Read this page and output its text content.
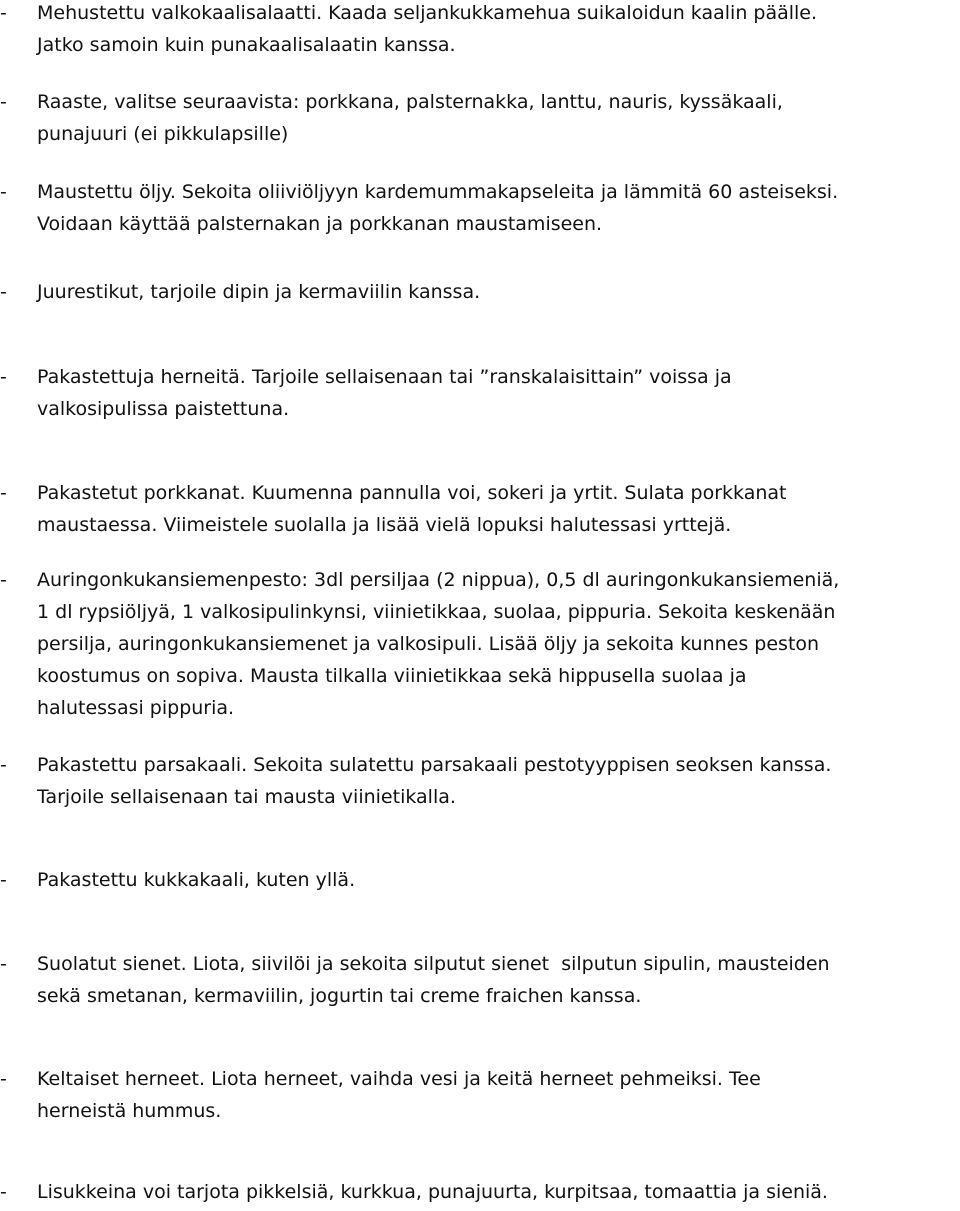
-	Mehustettu valkokaalisalaatti. Kaada seljankukkamehua suikaloidun kaalin päälle.
Jatko samoin kuin punakaalisalaatin kanssa.
-	Raaste, valitse seuraavista: porkkana, palsternakka, lanttu, nauris, kyssäkaali,
punajuuri (ei pikkulapsille)
-	Maustettu öljy. Sekoita oliiviöljyyn kardemummakapseleita ja lämmitä 60 asteiseksi.
Voidaan käyttää palsternakan ja porkkanan maustamiseen.
-	Juurestikut, tarjoile dipin ja kermaviilin kanssa.
-	Pakastettuja herneitä. Tarjoile sellaisenaan tai ”ranskalaisittain” voissa ja
valkosipulissa paistettuna.
-	Pakastetut porkkanat. Kuumenna pannulla voi, sokeri ja yrtit. Sulata porkkanat
maustaessa. Viimeistele suolalla ja lisää vielä lopuksi halutessasi yrttejä.
-	Auringonkukansiemenpesto: 3dl persiljaa (2 nippua), 0,5 dl auringonkukansiemeniä,
1 dl rypsiöljyä, 1 valkosipulinkynsi, viinietikkaa, suolaa, pippuria. Sekoita keskenään
persilja, auringonkukansiemenet ja valkosipuli. Lisää öljy ja sekoita kunnes peston
koostumus on sopiva. Mausta tilkalla viinietikkaa sekä hippusella suolaa ja
halutessasi pippuria.
-	Pakastettu parsakaali. Sekoita sulatettu parsakaali pestotyyppisen seoksen kanssa.
Tarjoile sellaisenaan tai mausta viinietikalla.
-	Pakastettu kukkakaali, kuten yllä.
-	Suolatut sienet. Liota, siivilöi ja sekoita silputut sienet  silputun sipulin, mausteiden
sekä smetanan, kermaviilin, jogurtin tai creme fraichen kanssa.
-	Keltaiset herneet. Liota herneet, vaihda vesi ja keitä herneet pehmeiksi. Tee
herneistä hummus.
-	Lisukkeina voi tarjota pikkelsiä, kurkkua, punajuurta, kurpitsaa, tomaattia ja sieniä.
